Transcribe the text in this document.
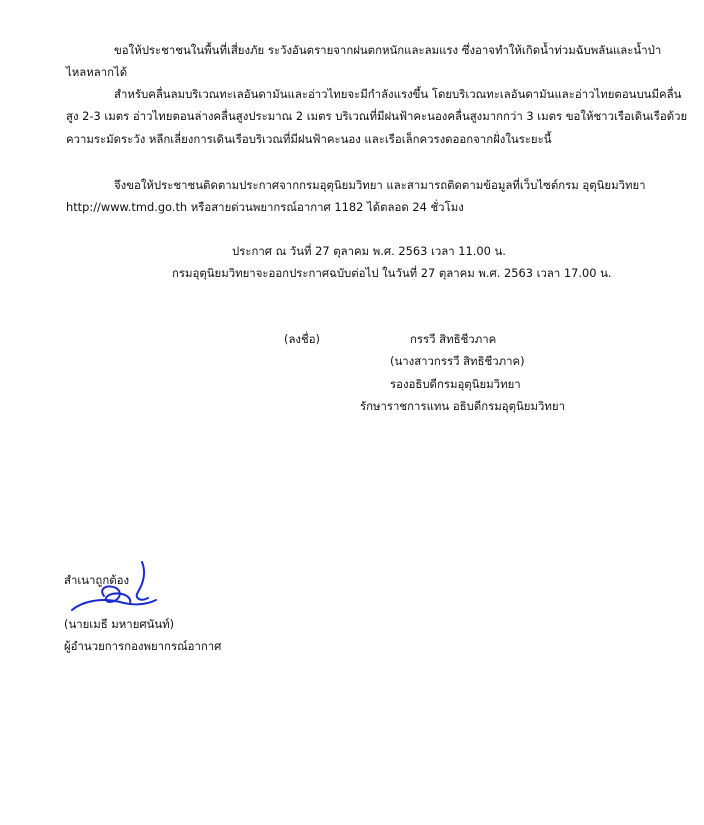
ขอให้ประชาชนในพื้นที่เสี่ยงภัย ระวังอันตรายจากฝนตกหนักและลมแรง ซึ่งอาจทำให้เกิดน้ำท่วมฉับพลันและน้ำป่า
ไหลหลากได้
สำหรับคลื่นลมบริเวณทะเลอันดามันและอ่าวไทยจะมีกำลังแรงขึ้น โดยบริเวณทะเลอันดามันและอ่าวไทยตอนบนมีคลื่น
สูง 2-3 เมตร อ่าวไทยตอนล่างคลื่นสูงประมาณ 2 เมตร บริเวณที่มีฝนฟ้าคะนองคลื่นสูงมากกว่า 3 เมตร ขอให้ชาวเรือเดินเรือด้วย
ความระมัดระวัง หลีกเลี่ยงการเดินเรือบริเวณที่มีฝนฟ้าคะนอง และเรือเล็กควรงดออกจากฝั่งในระยะนี้
จึงขอให้ประชาชนติดตามประกาศจากกรมอุตุนิยมวิทยา และสามารถติดตามข้อมูลที่เว็บไซต์กรม อุตุนิยมวิทยา
http://www.tmd.go.th หรือสายด่วนพยากรณ์อากาศ 1182 ได้ตลอด 24 ชั่วโมง
ประกาศ ณ วันที่ 27 ตุลาคม พ.ศ. 2563 เวลา 11.00 น.
กรมอุตุนิยมวิทยาจะออกประกาศฉบับต่อไป ในวันที่ 27 ตุลาคม พ.ศ. 2563 เวลา 17.00 น.
(ลงชื่อ)	กรรวี สิทธิชีวภาค
(นางสาวกรรวี สิทธิชีวภาค)
รองอธิบดีกรมอุตุนิยมวิทยา
รักษาราชการแทน อธิบดีกรมอุตุนิยมวิทยา
สำเนาถูกต้อง
(นายเมธี มหายศนันท์)
ผู้อำนวยการกองพยากรณ์อากาศ
